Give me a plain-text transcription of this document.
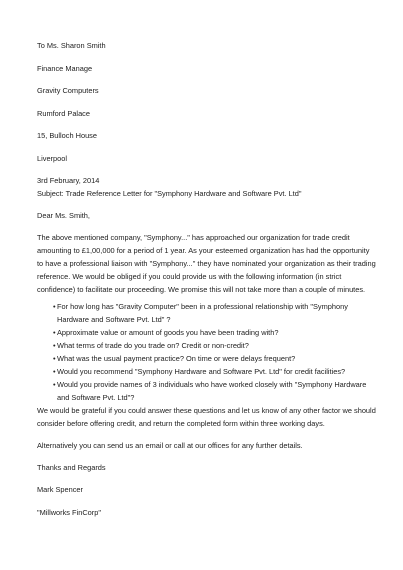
To Ms. Sharon Smith

Finance Manage

Gravity Computers

Rumford Palace

15, Bulloch House

Liverpool

3rd February, 2014

Subject: Trade Reference Letter for "Symphony Hardware and Software Pvt. Ltd"

Dear Ms. Smith,

The above mentioned company, "Symphony..." has approached our organization for trade credit amounting to £1,00,000 for a period of 1 year. As your esteemed organization has had the opportunity to have a professional liaison with "Symphony..." they have nominated your organization as their trading reference. We would be obliged if you could provide us with the following information (in strict confidence) to facilitate our proceeding. We promise this will not take more than a couple of minutes.

• For how long has "Gravity Computer" been in a professional relationship with "Symphony Hardware and Software Pvt. Ltd" ?
• Approximate value or amount of goods you have been trading with?
• What terms of trade do you trade on? Credit or non-credit?
• What was the usual payment practice? On time or were delays frequent?
• Would you recommend "Symphony Hardware and Software Pvt. Ltd" for credit facilities?
• Would you provide names of 3 individuals who have worked closely with "Symphony Hardware and Software Pvt. Ltd"?

We would be grateful if you could answer these questions and let us know of any other factor we should consider before offering credit, and return the completed form within three working days.

Alternatively you can send us an email or call at our offices for any further details.

Thanks and Regards

Mark Spencer

"Millworks FinCorp"
